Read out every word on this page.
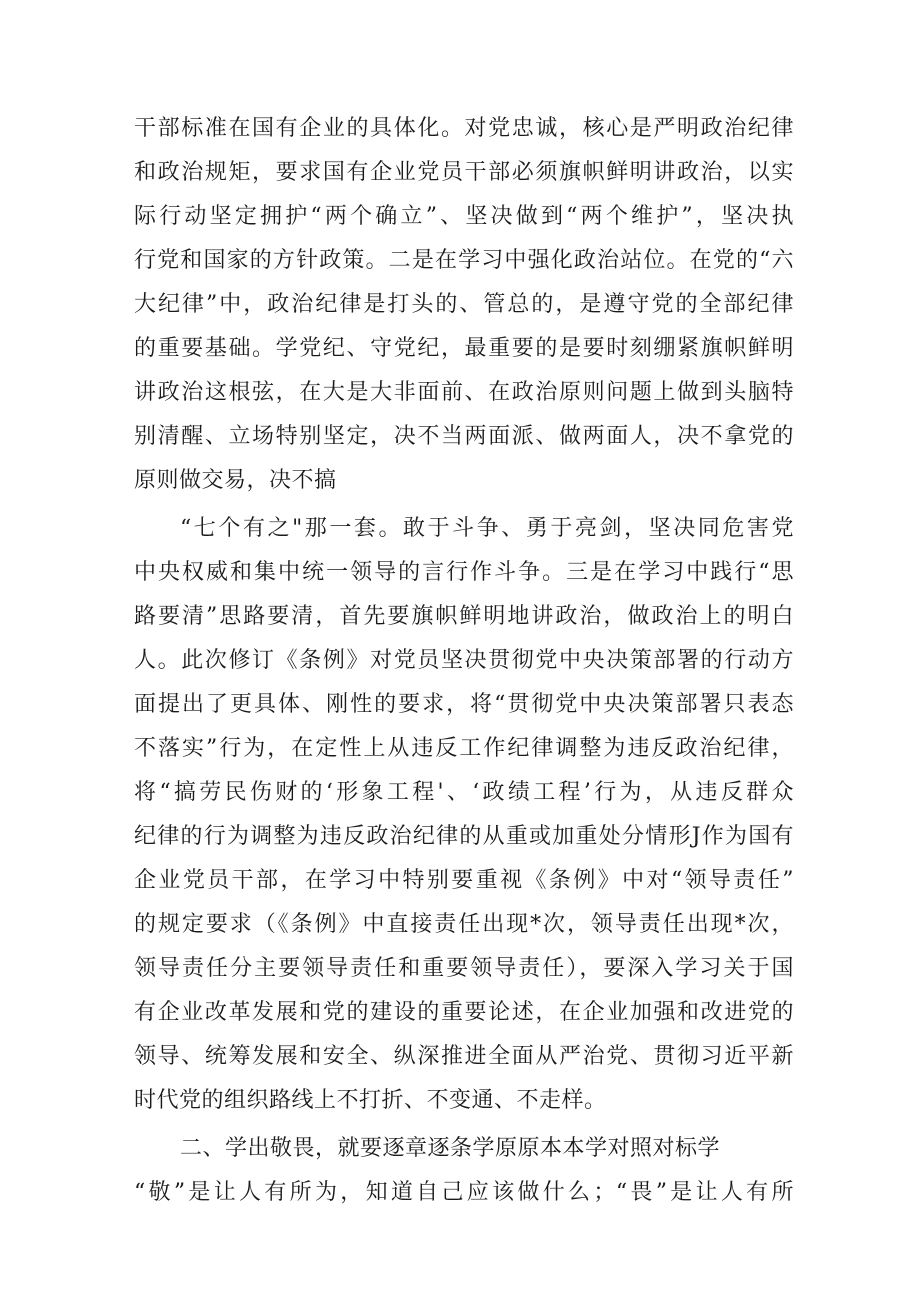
干部标准在国有企业的具体化。对党忠诚，核心是严明政治纪律
和政治规矩，要求国有企业党员干部必须旗帜鲜明讲政治，以实
际行动坚定拥护“两个确立”、坚决做到“两个维护”，坚决执
行党和国家的方针政策。二是在学习中强化政治站位。在党的“六
大纪律”中，政治纪律是打头的、管总的，是遵守党的全部纪律
的重要基础。学党纪、守党纪，最重要的是要时刻绷紧旗帜鲜明
讲政治这根弦，在大是大非面前、在政治原则问题上做到头脑特
别清醒、立场特别坚定，决不当两面派、做两面人，决不拿党的
原则做交易，决不搞
“七个有之"那一套。敢于斗争、勇于亮剑，坚决同危害党
中央权威和集中统一领导的言行作斗争。三是在学习中践行“思
路要清”思路要清，首先要旗帜鲜明地讲政治，做政治上的明白
人。此次修订《条例》对党员坚决贯彻党中央决策部署的行动方
面提出了更具体、刚性的要求，将“贯彻党中央决策部署只表态
不落实”行为，在定性上从违反工作纪律调整为违反政治纪律，
将“搞劳民伤财的‘形象工程'、‘政绩工程’行为，从违反群众
纪律的行为调整为违反政治纪律的从重或加重处分情形J作为国有
企业党员干部，在学习中特别要重视《条例》中对“领导责任”
的规定要求（《条例》中直接责任出现*次，领导责任出现*次，
领导责任分主要领导责任和重要领导责任），要深入学习关于国
有企业改革发展和党的建设的重要论述，在企业加强和改进党的
领导、统筹发展和安全、纵深推进全面从严治党、贯彻习近平新
时代党的组织路线上不打折、不变通、不走样。
二、学出敬畏，就要逐章逐条学原原本本学对照对标学
“敬”是让人有所为，知道自己应该做什么；“畏”是让人有所
